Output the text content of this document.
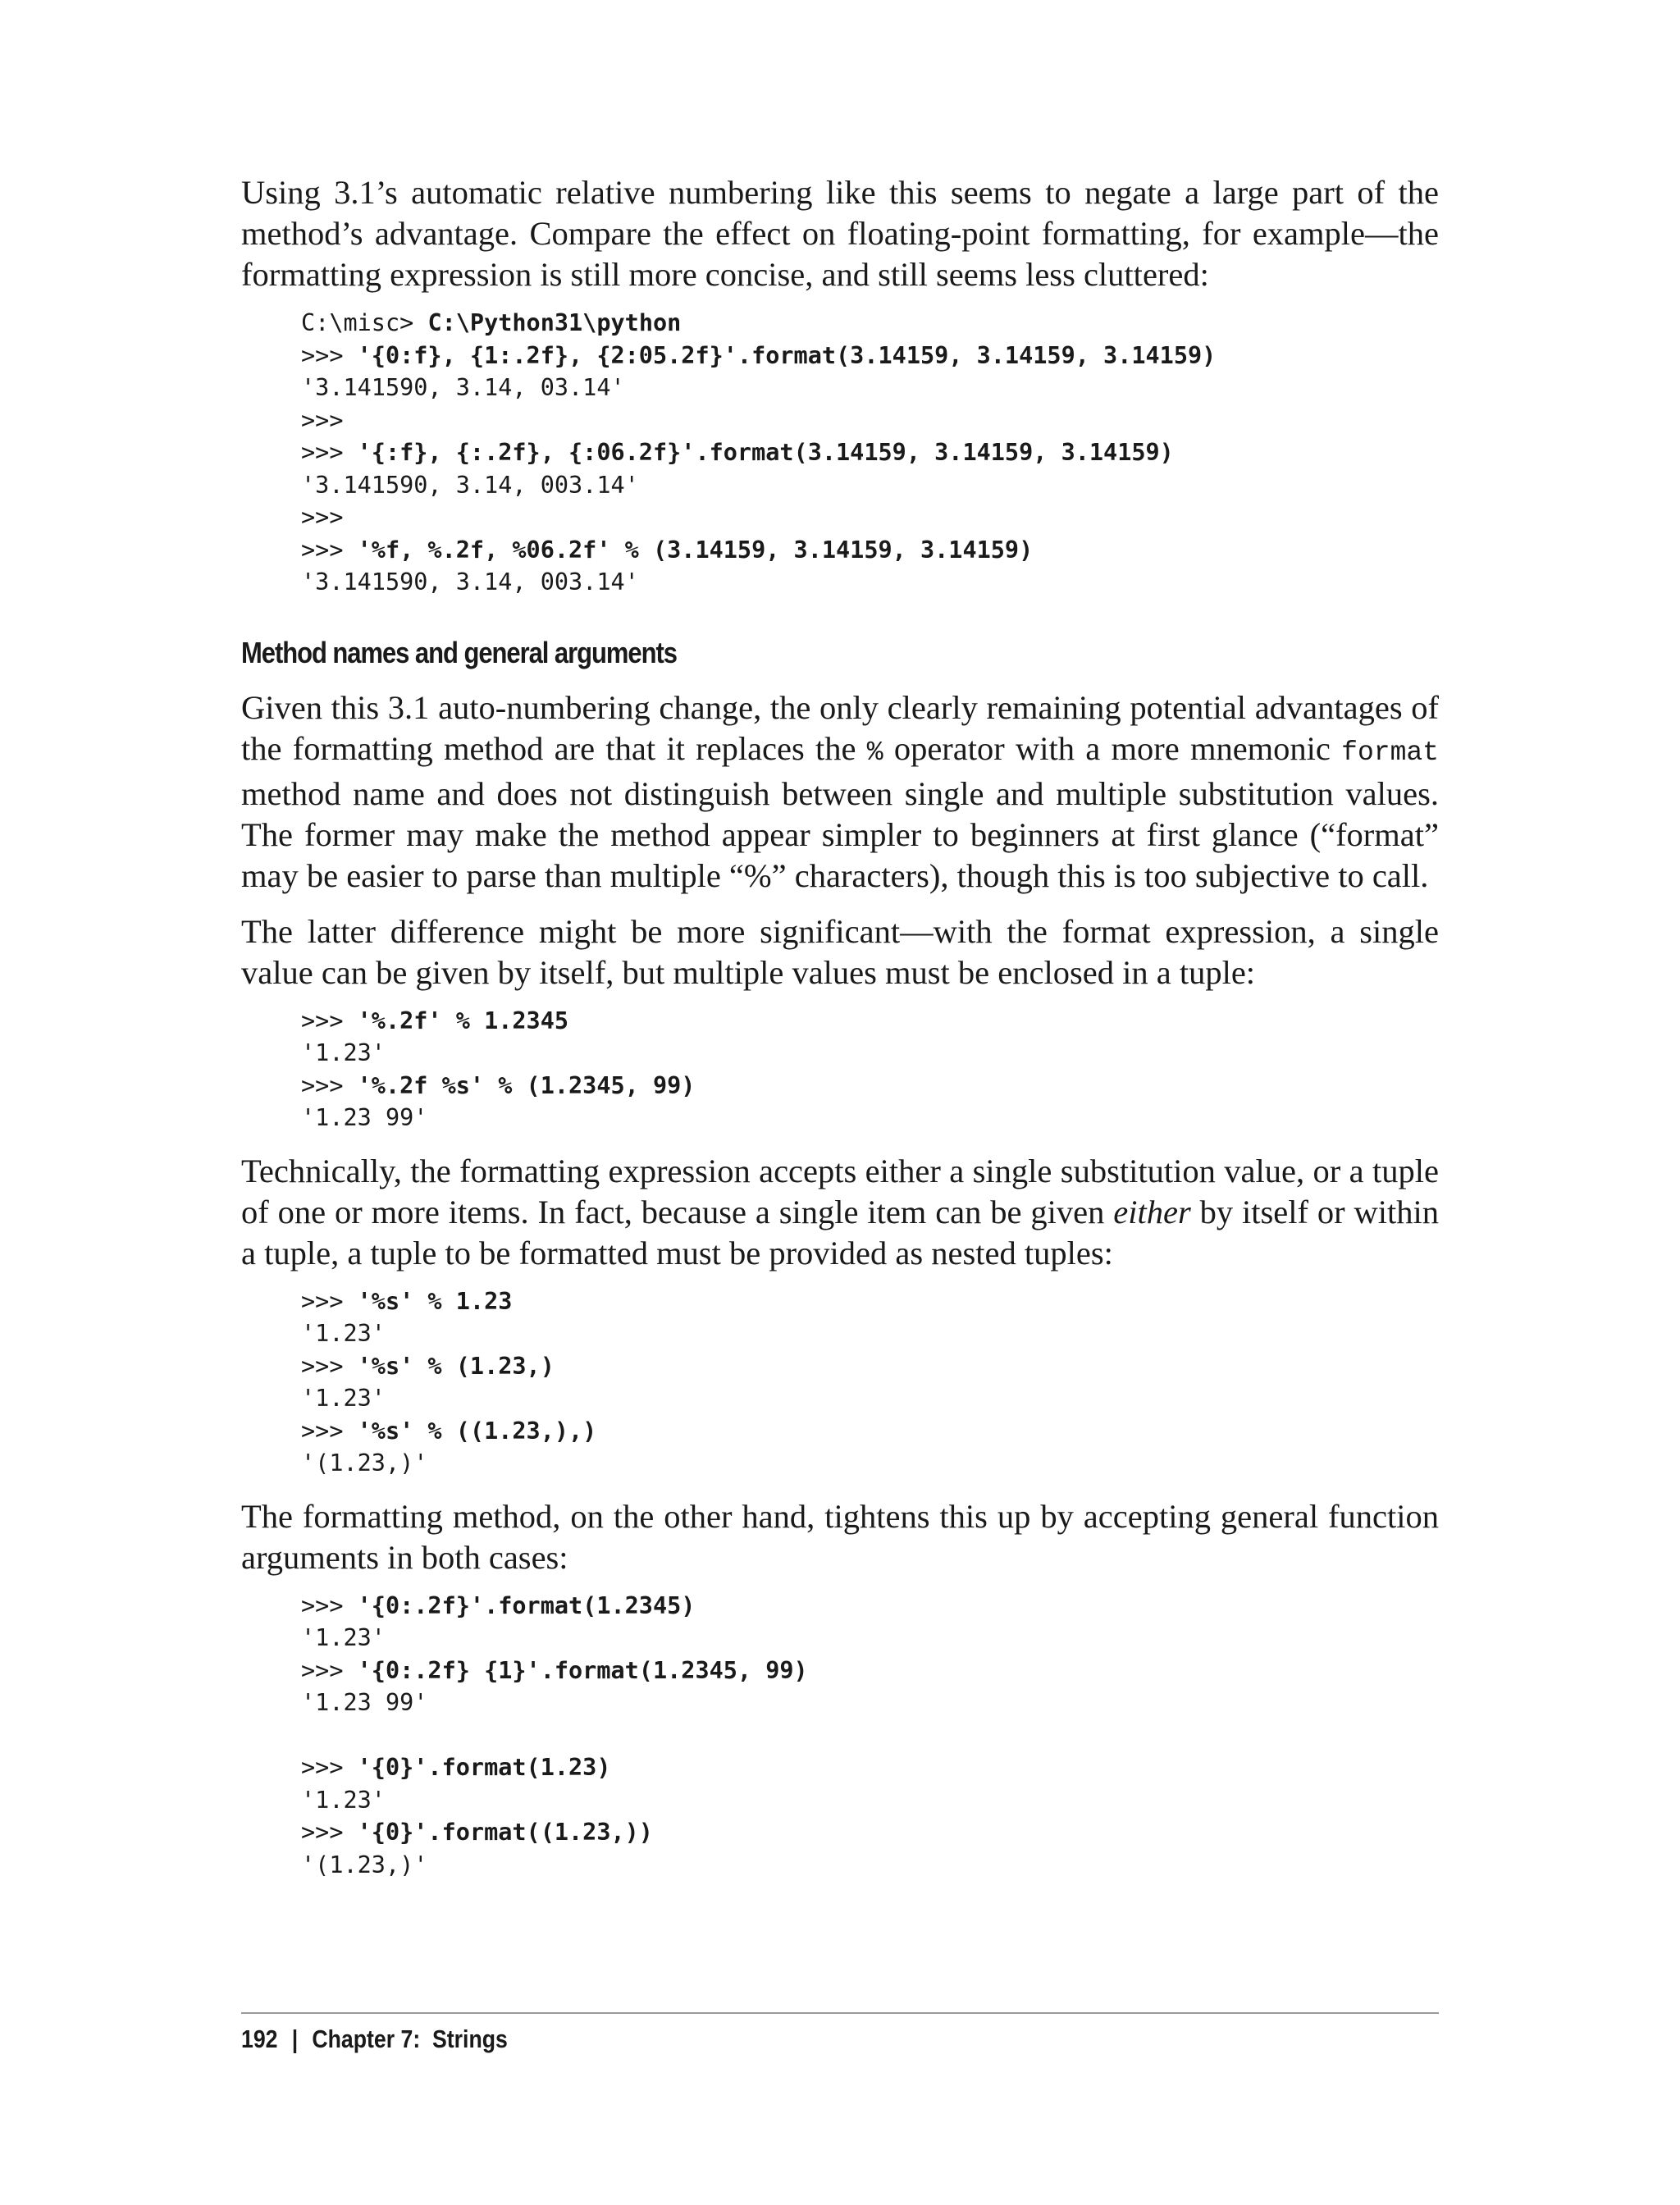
Using 3.1’s automatic relative numbering like this seems to negate a large part of the method’s advantage. Compare the effect on floating-point formatting, for example—the formatting expression is still more concise, and still seems less cluttered:

C:\misc> C:\Python31\python
>>> '{0:f}, {1:.2f}, {2:05.2f}'.format(3.14159, 3.14159, 3.14159)
'3.141590, 3.14, 03.14'
>>>
>>> '{:f}, {:.2f}, {:06.2f}'.format(3.14159, 3.14159, 3.14159)
'3.141590, 3.14, 003.14'
>>>
>>> '%f, %.2f, %06.2f' % (3.14159, 3.14159, 3.14159)
'3.141590, 3.14, 003.14'
Method names and general arguments

Given this 3.1 auto-numbering change, the only clearly remaining potential advantages of the formatting method are that it replaces the % operator with a more mnemonic format method name and does not distinguish between single and multiple substitution values. The former may make the method appear simpler to beginners at first glance (“format” may be easier to parse than multiple “%” characters), though this is too subjective to call.

The latter difference might be more significant—with the format expression, a single value can be given by itself, but multiple values must be enclosed in a tuple:

>>> '%.2f' % 1.2345
'1.23'
>>> '%.2f %s' % (1.2345, 99)
'1.23 99'

Technically, the formatting expression accepts either a single substitution value, or a tuple of one or more items. In fact, because a single item can be given either by itself or within a tuple, a tuple to be formatted must be provided as nested tuples:

>>> '%s' % 1.23
'1.23'
>>> '%s' % (1.23,)
'1.23'
>>> '%s' % ((1.23,),)
'(1.23,)'

The formatting method, on the other hand, tightens this up by accepting general function arguments in both cases:

>>> '{0:.2f}'.format(1.2345)
'1.23'
>>> '{0:.2f} {1}'.format(1.2345, 99)
'1.23 99'
>>> '{0}'.format(1.23)
'1.23'
>>> '{0}'.format((1.23,))
'(1.23,)'
192 | Chapter 7:  Strings
